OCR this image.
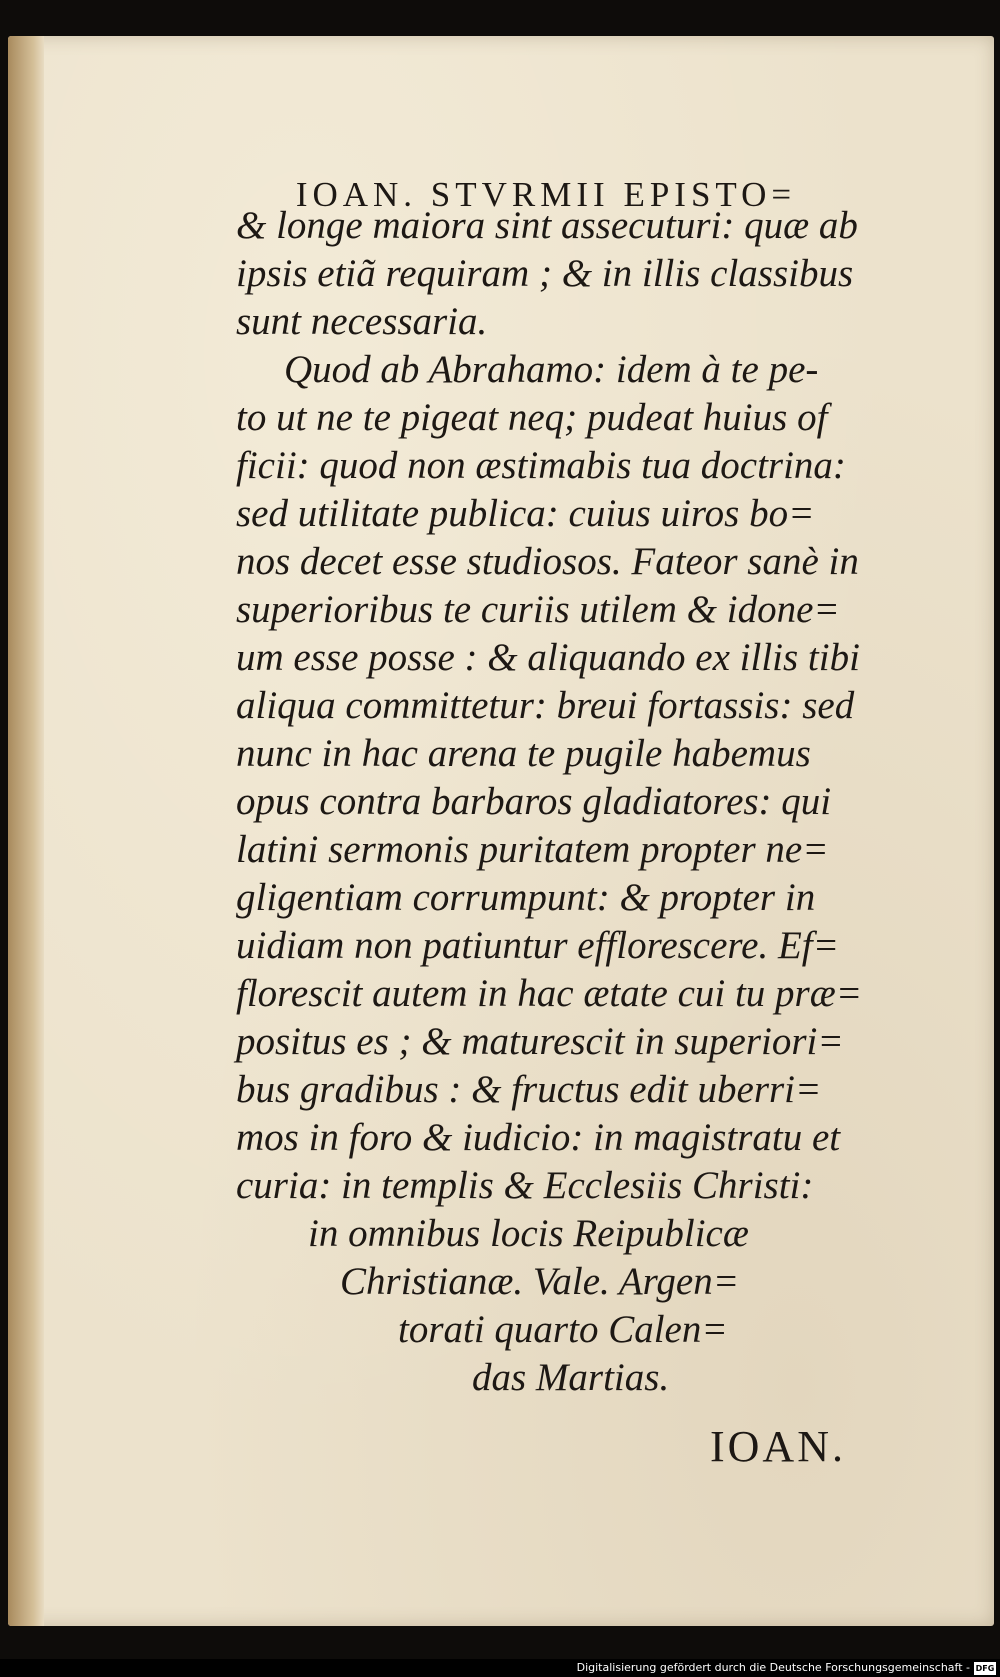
IOAN. STVRMII EPISTO=
& longe maiora sint assecuturi: quæ ab
ipsis etiã requiram ; & in illis classibus
sunt necessaria.
Quod ab Abrahamo: idem à te pe-
to ut ne te pigeat neq; pudeat huius of
ficii: quod non æstimabis tua doctrina:
sed utilitate publica: cuius uiros bo=
nos decet esse studiosos. Fateor sanè in
superioribus te curiis utilem & idone=
um esse posse : & aliquando ex illis tibi
aliqua committetur: breui fortassis: sed
nunc in hac arena te pugile habemus
opus contra barbaros gladiatores: qui
latini sermonis puritatem propter ne=
gligentiam corrumpunt: & propter in
uidiam non patiuntur efflorescere. Ef=
florescit autem in hac ætate cui tu præ=
positus es ; & maturescit in superiori=
bus gradibus : & fructus edit uberri=
mos in foro & iudicio: in magistratu et
curia: in templis & Ecclesiis Christi:
in omnibus locis Reipublicæ
Christianæ. Vale. Argen=
torati quarto Calen=
das Martias.
IOAN.
Digitalisierung gefördert durch die Deutsche Forschungsgemeinschaft - DFG
